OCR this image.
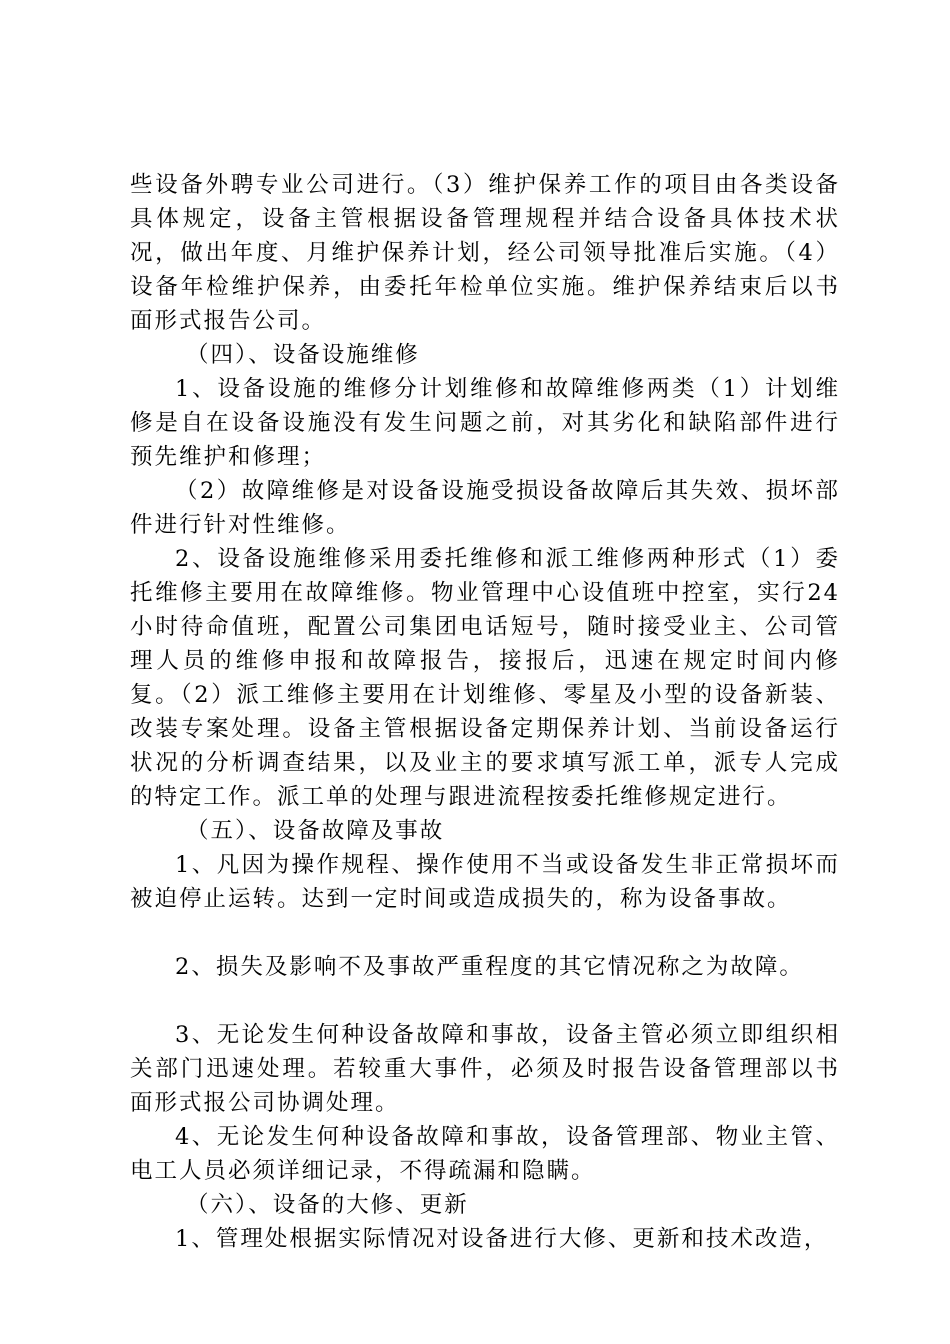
些设备外聘专业公司进行。（3）维护保养工作的项目由各类设备具体规定，设备主管根据设备管理规程并结合设备具体技术状况，做出年度、月维护保养计划，经公司领导批准后实施。（4）设备年检维护保养，由委托年检单位实施。维护保养结束后以书面形式报告公司。

（四）、设备设施维修

1、设备设施的维修分计划维修和故障维修两类（1）计划维修是自在设备设施没有发生问题之前，对其劣化和缺陷部件进行预先维护和修理；

（2）故障维修是对设备设施受损设备故障后其失效、损坏部件进行针对性维修。

2、设备设施维修采用委托维修和派工维修两种形式（1）委托维修主要用在故障维修。物业管理中心设值班中控室，实行24小时待命值班，配置公司集团电话短号，随时接受业主、公司管理人员的维修申报和故障报告，接报后，迅速在规定时间内修复。（2）派工维修主要用在计划维修、零星及小型的设备新装、改装专案处理。设备主管根据设备定期保养计划、当前设备运行状况的分析调查结果，以及业主的要求填写派工单，派专人完成的特定工作。派工单的处理与跟进流程按委托维修规定进行。

（五）、设备故障及事故

1、凡因为操作规程、操作使用不当或设备发生非正常损坏而被迫停止运转。达到一定时间或造成损失的，称为设备事故。

2、损失及影响不及事故严重程度的其它情况称之为故障。

3、无论发生何种设备故障和事故，设备主管必须立即组织相关部门迅速处理。若较重大事件，必须及时报告设备管理部以书面形式报公司协调处理。

4、无论发生何种设备故障和事故，设备管理部、物业主管、电工人员必须详细记录，不得疏漏和隐瞒。

（六）、设备的大修、更新

1、管理处根据实际情况对设备进行大修、更新和技术改造，
